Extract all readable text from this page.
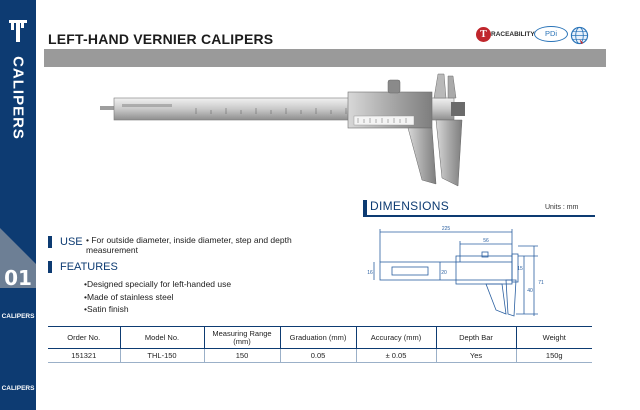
CALIPERS
01
CALIPERS
CALIPERS
LEFT-HAND VERNIER CALIPERS	T RACEABILITY	PDi
DIMENSIONS	Units : mm
225
56
16	20
15
40
71
USE • For outside diameter, inside diameter, step and depth measurement
FEATURES
• Designed specially for left-handed use
• Made of stainless steel
• Satin finish
Order No.	Model No.	Measuring Range (mm)	Graduation (mm)	Accuracy (mm)	Depth Bar	Weight
151321	THL-150	150	0.05	± 0.05	Yes	150g
